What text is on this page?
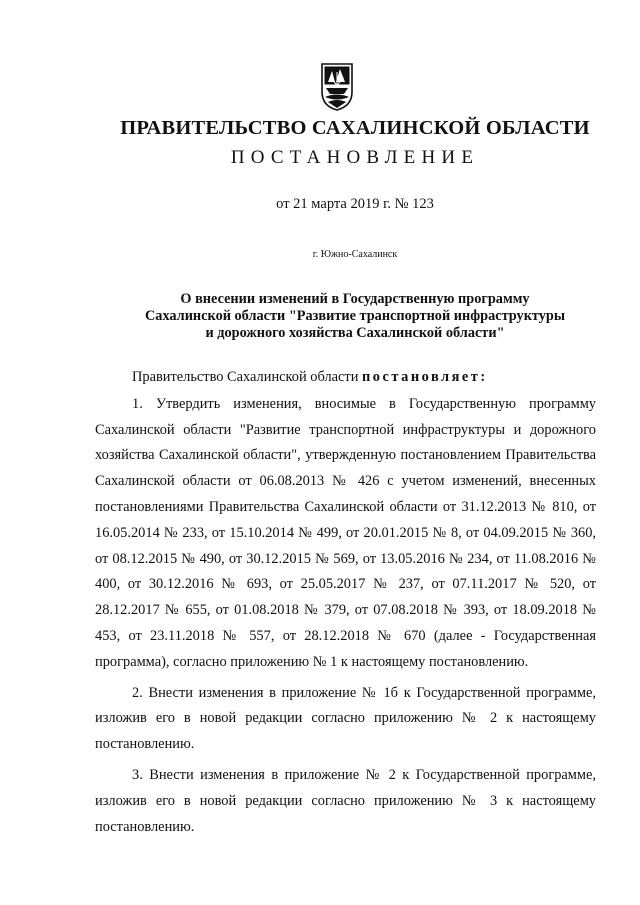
ПРАВИТЕЛЬСТВО САХАЛИНСКОЙ ОБЛАСТИ
ПОСТАНОВЛЕНИЕ
от 21 марта 2019 г. № 123
г. Южно-Сахалинск
О внесении изменений в Государственную программу
Сахалинской области "Развитие транспортной инфраструктуры
и дорожного хозяйства Сахалинской области"

Правительство Сахалинской области постановляет:

1. Утвердить изменения, вносимые в Государственную программу Сахалинской области "Развитие транспортной инфраструктуры и дорожного хозяйства Сахалинской области", утвержденную постановлением Правительства Сахалинской области от 06.08.2013 № 426 с учетом изменений, внесенных постановлениями Правительства Сахалинской области от 31.12.2013 № 810, от 16.05.2014 № 233, от 15.10.2014 № 499, от 20.01.2015 № 8, от 04.09.2015 № 360, от 08.12.2015 № 490, от 30.12.2015 № 569, от 13.05.2016 № 234, от 11.08.2016 № 400, от 30.12.2016 № 693, от 25.05.2017 № 237, от 07.11.2017 № 520, от 28.12.2017 № 655, от 01.08.2018 № 379, от 07.08.2018 № 393, от 18.09.2018 № 453, от 23.11.2018 № 557, от 28.12.2018 № 670 (далее - Государственная программа), согласно приложению № 1 к настоящему постановлению.

2. Внести изменения в приложение № 1б к Государственной программе, изложив его в новой редакции согласно приложению № 2 к настоящему постановлению.

3. Внести изменения в приложение № 2 к Государственной программе, изложив его в новой редакции согласно приложению № 3 к настоящему постановлению.
